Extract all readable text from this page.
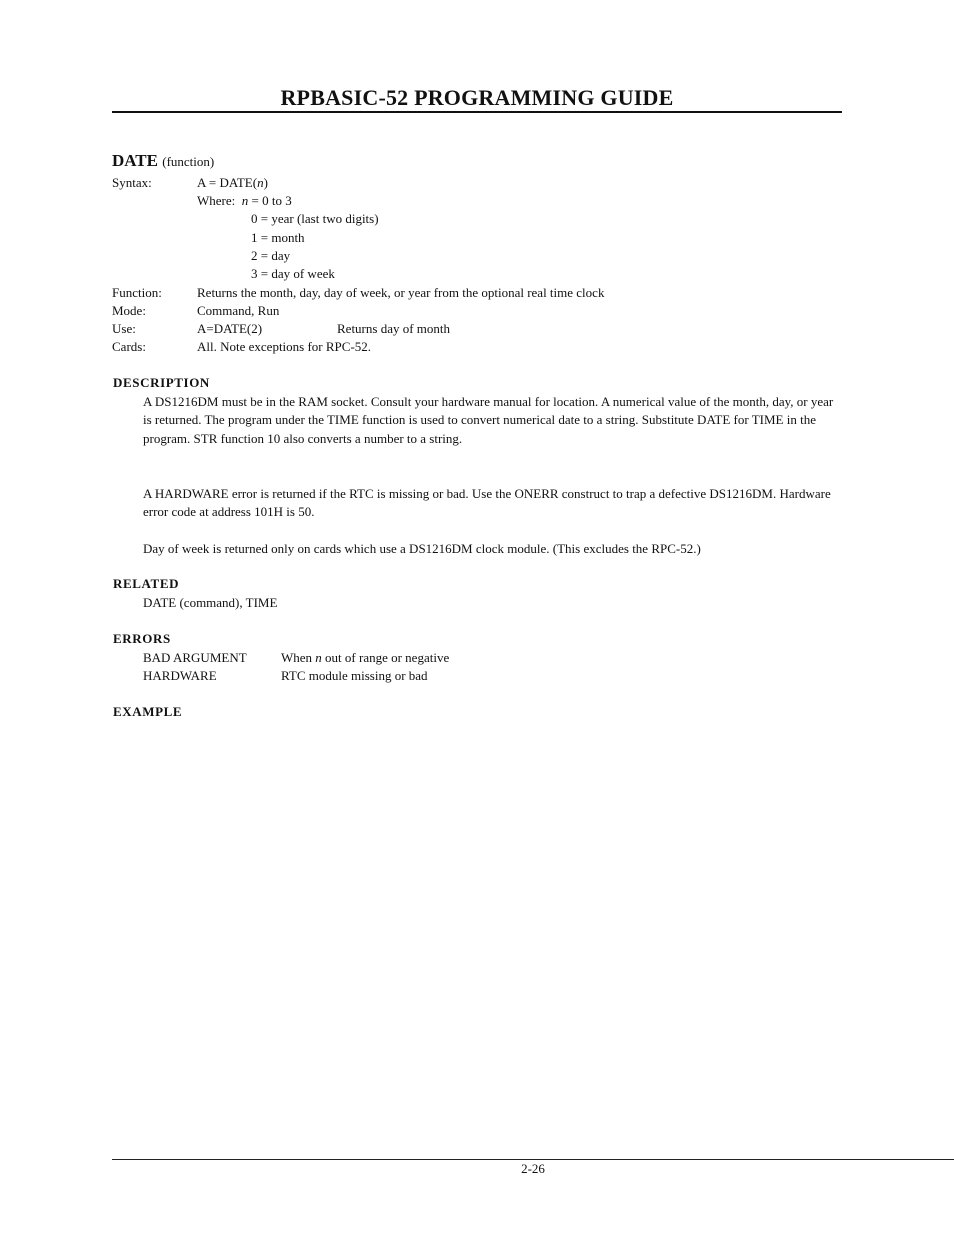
RPBASIC-52 PROGRAMMING GUIDE
DATE (function)
Syntax:	A = DATE(n)
Where: n = 0 to 3
0 = year (last two digits)
1 = month
2 = day
3 = day of week
Function:	Returns the month, day, day of week, or year from the optional real time clock
Mode:	Command, Run
Use:	A=DATE(2)	Returns day of month
Cards:	All. Note exceptions for RPC-52.
DESCRIPTION
A DS1216DM must be in the RAM socket. Consult your hardware manual for location. A numerical value of the month, day, or year is returned. The program under the TIME function is used to convert numerical date to a string. Substitute DATE for TIME in the program. STR function 10 also converts a number to a string.
A HARDWARE error is returned if the RTC is missing or bad. Use the ONERR construct to trap a defective DS1216DM. Hardware error code at address 101H is 50.
Day of week is returned only on cards which use a DS1216DM clock module. (This excludes the RPC-52.)
RELATED
DATE (command), TIME
ERRORS
BAD ARGUMENT	When n out of range or negative
HARDWARE	RTC module missing or bad
EXAMPLE
2-26
